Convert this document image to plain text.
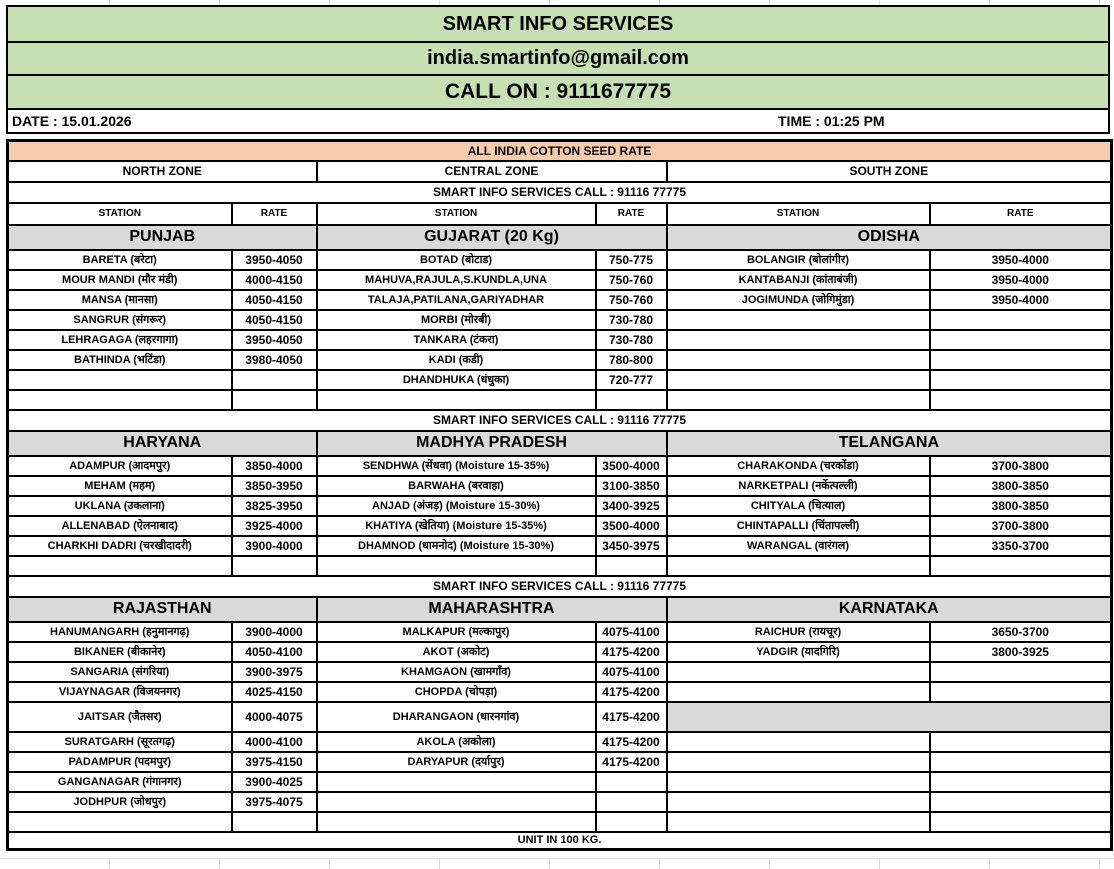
SMART INFO SERVICES
india.smartinfo@gmail.com
CALL ON : 9111677775
DATE : 15.01.2026	TIME : 01:25 PM
ALL INDIA COTTON SEED RATE					
NORTH ZONE		CENTRAL ZONE		SOUTH ZONE	
SMART INFO SERVICES CALL : 91116 77775					
STATION	RATE	STATION	RATE	STATION	RATE
PUNJAB		GUJARAT (20 Kg)		ODISHA	
BARETA (बरेटा)	3950-4050	BOTAD (बोटाड)	750-775	BOLANGIR (बोलांगीर)	3950-4000
MOUR MANDI (मौर मंडी)	4000-4150	MAHUVA,RAJULA,S.KUNDLA,UNA	750-760	KANTABANJI (कांताबंजी)	3950-4000
MANSA (मानसा)	4050-4150	TALAJA,PATILANA,GARIYADHAR	750-760	JOGIMUNDA (जोगिमुंडा)	3950-4000
SANGRUR (संगरूर)	4050-4150	MORBI (मोरबी)	730-780		
LEHRAGAGA (लहरगागा)	3950-4050	TANKARA (टंकरा)	730-780		
BATHINDA (भटिंडा)	3980-4050	KADI (कडी)	780-800		
		DHANDHUKA (धंधुका)	720-777		

SMART INFO SERVICES CALL : 91116 77775					
HARYANA		MADHYA PRADESH		TELANGANA	
ADAMPUR (आदमपुर)	3850-4000	SENDHWA (सेंधवा) (Moisture 15-35%)	3500-4000	CHARAKONDA (चरकोंडा)	3700-3800
MEHAM (महम)	3850-3950	BARWAHA (बरवाहा)	3100-3850	NARKETPALI (नर्केत्पल्ली)	3800-3850
UKLANA (उकलाना)	3825-3950	ANJAD (अंजड़) (Moisture 15-30%)	3400-3925	CHITYALA (चित्याल)	3800-3850
ALLENABAD (ऐलनाबाद)	3925-4000	KHATIYA (खेतिया) (Moisture 15-35%)	3500-4000	CHINTAPALLI (चिंतापल्ली)	3700-3800
CHARKHI DADRI (चरखीदादरी)	3900-4000	DHAMNOD (धामनोद) (Moisture 15-30%)	3450-3975	WARANGAL (वारंगल)	3350-3700

SMART INFO SERVICES CALL : 91116 77775					
RAJASTHAN		MAHARASHTRA		KARNATAKA	
HANUMANGARH (हनुमानगढ़)	3900-4000	MALKAPUR (मल्कापुर)	4075-4100	RAICHUR (रायचूर)	3650-3700
BIKANER (बीकानेर)	4050-4100	AKOT (अकोट)	4175-4200	YADGIR (यादगिरि)	3800-3925
SANGARIA (संगरिया)	3900-3975	KHAMGAON (खामगाँव)	4075-4100		
VIJAYNAGAR (विजयनगर)	4025-4150	CHOPDA (चोपड़ा)	4175-4200		
JAITSAR (जैतसर)	4000-4075	DHARANGAON (धारनगांव)	4175-4200		
SURATGARH (सूरतगढ़)	4000-4100	AKOLA (अकोला)	4175-4200		
PADAMPUR (पदमपुर)	3975-4150	DARYAPUR (दर्यापुर)	4175-4200		
GANGANAGAR (गंगानगर)	3900-4025				
JODHPUR (जोधपुर)	3975-4075				

UNIT IN 100 KG.					
